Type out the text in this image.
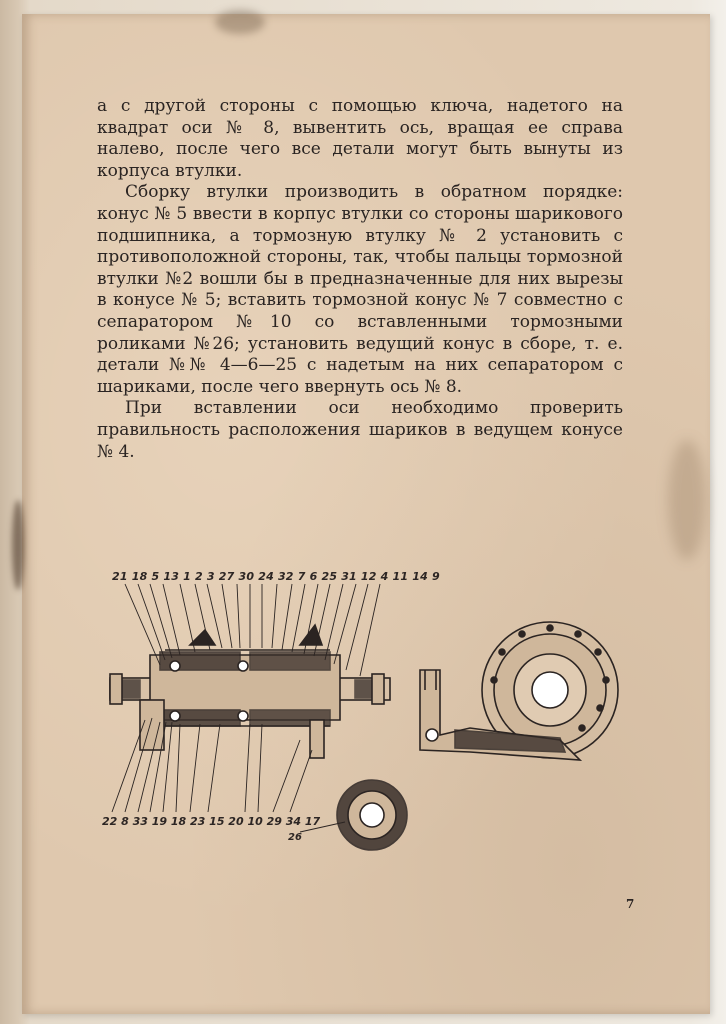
а с другой стороны с помощью ключа, надетого на квадрат оси № 8, вывентить ось, вращая ее справа налево, после чего все детали могут быть вынуты из корпуса втулки.

Сборку втулки производить в обратном порядке: конус № 5 ввести в корпус втулки со стороны шарикового подшипника, а тормозную втулку № 2 установить с противоположной стороны, так, чтобы пальцы тормозной втулки №2 вошли бы в предназначенные для них вырезы в конусе № 5; вставить тормозной конус № 7 совместно с сепаратором №10 со вставленными тормозными роликами №26; установить ведущий конус в сборе, т. е. детали №№ 4—6—25 с надетым на них сепаратором с шариками, после чего ввернуть ось № 8.

При вставлении оси необходимо проверить правильность расположения шариков в ведущем конусе № 4.

21 18 5 13 1 2 3 27 30 24 32 7 6 25 31 12 4 11 14 9
22 8 33 19 18 23 15 20 10 29 34 17
26
7
